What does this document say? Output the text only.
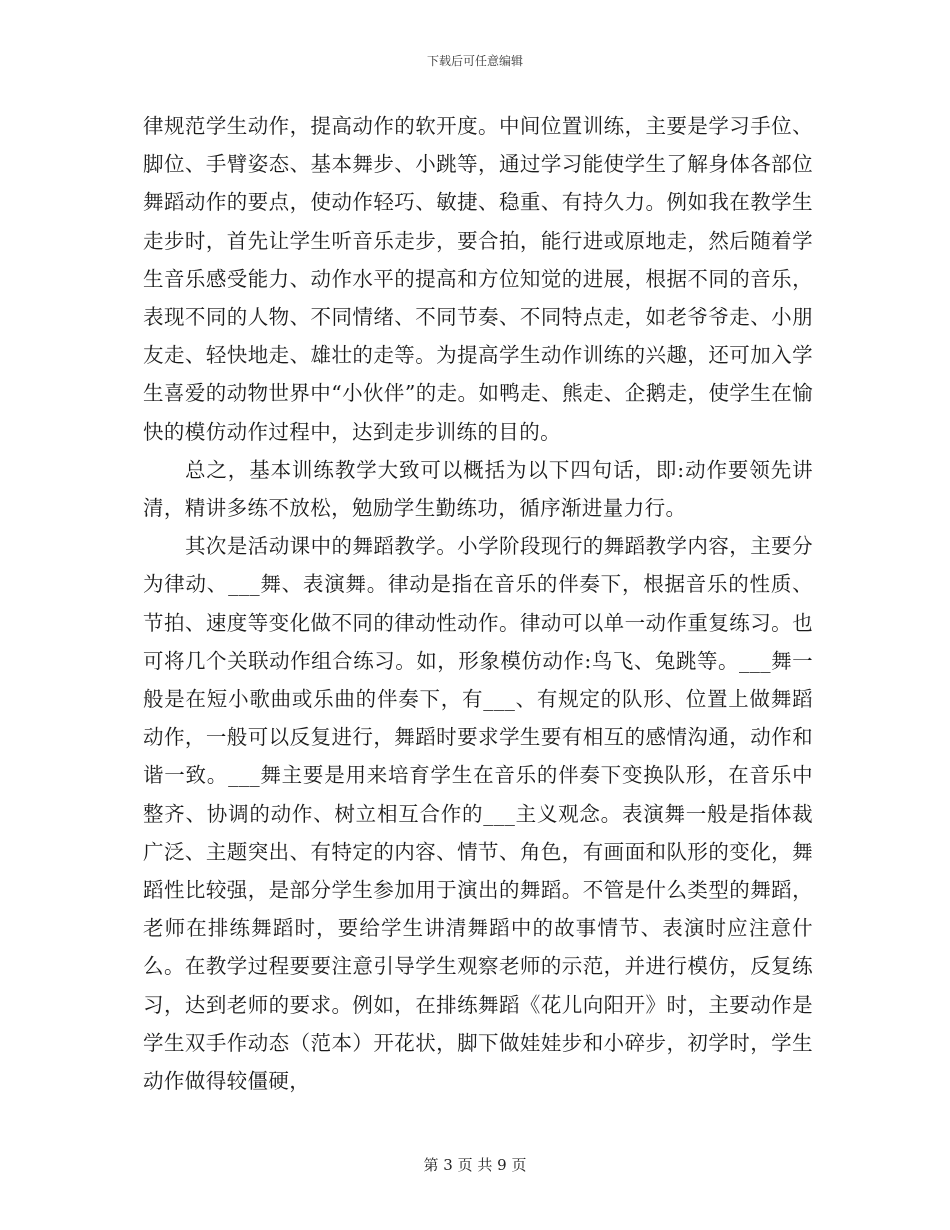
下载后可任意编辑

律规范学生动作，提高动作的软开度。中间位置训练，主要是学习手位、脚位、手臂姿态、基本舞步、小跳等，通过学习能使学生了解身体各部位舞蹈动作的要点，使动作轻巧、敏捷、稳重、有持久力。例如我在教学生走步时，首先让学生听音乐走步，要合拍，能行进或原地走，然后随着学生音乐感受能力、动作水平的提高和方位知觉的进展，根据不同的音乐，表现不同的人物、不同情绪、不同节奏、不同特点走，如老爷爷走、小朋友走、轻快地走、雄壮的走等。为提高学生动作训练的兴趣，还可加入学生喜爱的动物世界中“小伙伴”的走。如鸭走、熊走、企鹅走，使学生在愉快的模仿动作过程中，达到走步训练的目的。

总之，基本训练教学大致可以概括为以下四句话，即:动作要领先讲清，精讲多练不放松，勉励学生勤练功，循序渐进量力行。

其次是活动课中的舞蹈教学。小学阶段现行的舞蹈教学内容，主要分为律动、___舞、表演舞。律动是指在音乐的伴奏下，根据音乐的性质、节拍、速度等变化做不同的律动性动作。律动可以单一动作重复练习。也可将几个关联动作组合练习。如，形象模仿动作:鸟飞、兔跳等。___舞一般是在短小歌曲或乐曲的伴奏下，有___、有规定的队形、位置上做舞蹈动作，一般可以反复进行，舞蹈时要求学生要有相互的感情沟通，动作和谐一致。___舞主要是用来培育学生在音乐的伴奏下变换队形，在音乐中整齐、协调的动作、树立相互合作的___主义观念。表演舞一般是指体裁广泛、主题突出、有特定的内容、情节、角色，有画面和队形的变化，舞蹈性比较强，是部分学生参加用于演出的舞蹈。不管是什么类型的舞蹈，老师在排练舞蹈时，要给学生讲清舞蹈中的故事情节、表演时应注意什么。在教学过程要要注意引导学生观察老师的示范，并进行模仿，反复练习，达到老师的要求。例如，在排练舞蹈《花儿向阳开》时，主要动作是学生双手作动态（范本）开花状，脚下做娃娃步和小碎步，初学时，学生动作做得较僵硬，

第 3 页 共 9 页
